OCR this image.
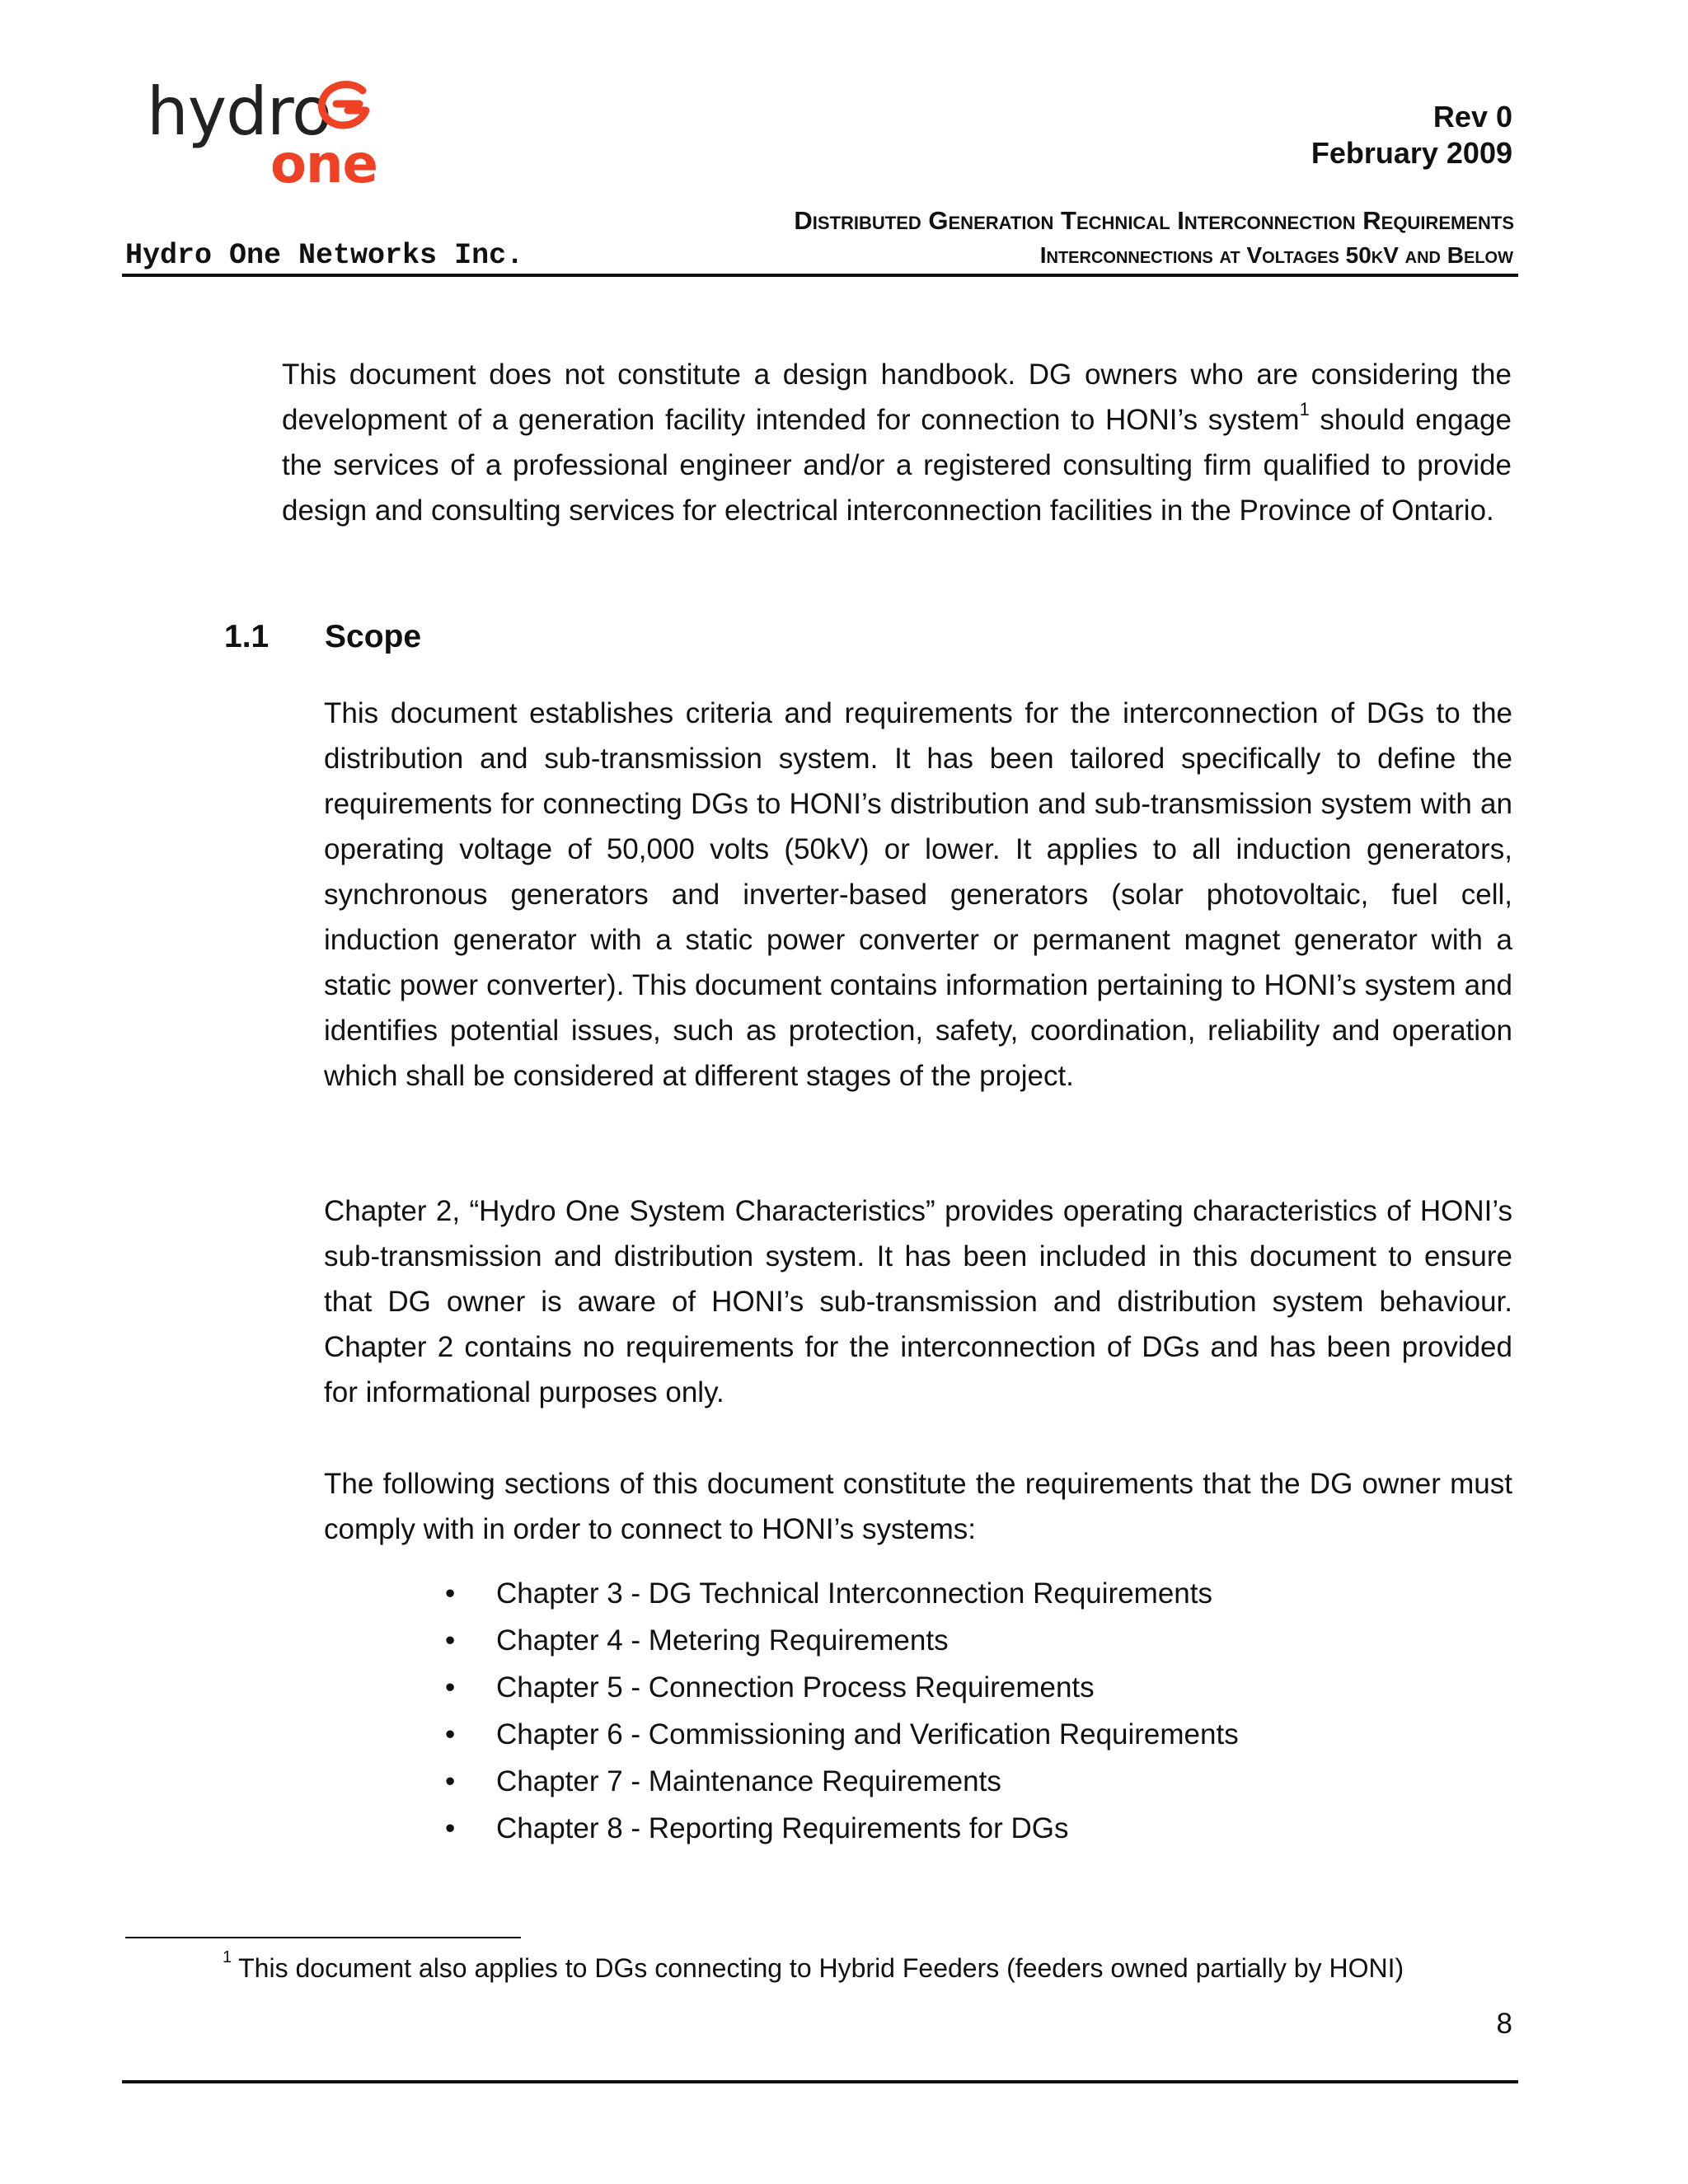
hydro
one
Rev 0
February 2009
Distributed Generation Technical Interconnection Requirements
Hydro One Networks Inc.	Interconnections at Voltages 50kV and Below

This document does not constitute a design handbook. DG owners who are considering the development of a generation facility intended for connection to HONI’s system$^1$ should engage the services of a professional engineer and/or a registered consulting firm qualified to provide design and consulting services for electrical interconnection facilities in the Province of Ontario.

1.1 Scope

This document establishes criteria and requirements for the interconnection of DGs to the distribution and sub-transmission system. It has been tailored specifically to define the requirements for connecting DGs to HONI’s distribution and sub-transmission system with an operating voltage of 50,000 volts (50kV) or lower. It applies to all induction generators, synchronous generators and inverter-based generators (solar photovoltaic, fuel cell, induction generator with a static power converter or permanent magnet generator with a static power converter). This document contains information pertaining to HONI’s system and identifies potential issues, such as protection, safety, coordination, reliability and operation which shall be considered at different stages of the project.

Chapter 2, “Hydro One System Characteristics” provides operating characteristics of HONI’s sub-transmission and distribution system. It has been included in this document to ensure that DG owner is aware of HONI’s sub-transmission and distribution system behaviour. Chapter 2 contains no requirements for the interconnection of DGs and has been provided for informational purposes only.

The following sections of this document constitute the requirements that the DG owner must comply with in order to connect to HONI’s systems:

• Chapter 3 - DG Technical Interconnection Requirements
• Chapter 4 - Metering Requirements
• Chapter 5 - Connection Process Requirements
• Chapter 6 - Commissioning and Verification Requirements
• Chapter 7 - Maintenance Requirements
• Chapter 8 - Reporting Requirements for DGs
$^1$ This document also applies to DGs connecting to Hybrid Feeders (feeders owned partially by HONI)
8
